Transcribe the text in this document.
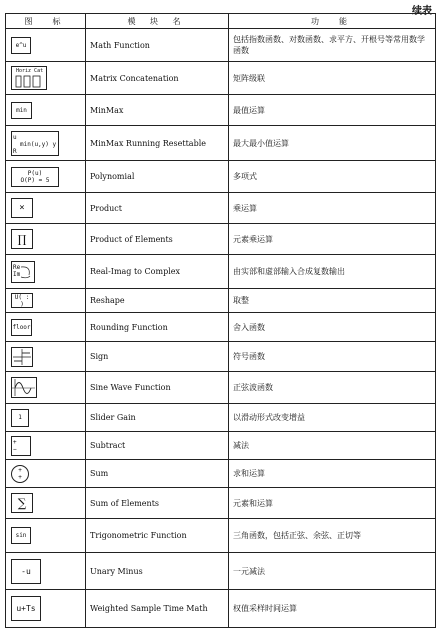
续表
图　标	模 块 名	功　能

e^u	Math Function	包括指数函数、对数函数、求平方、开根号等常用数学函数

Horiz Cat	Matrix Concatenation	矩阵级联

min	MinMax	最值运算

u
min(u,y) y
R	MinMax Running Resettable	最大最小值运算

P(u) O(P) = 5	Polynomial	多项式

×	Product	乘运算

∏	Product of Elements	元素乘运算

Re Im	Real-Imag to Complex	由实部和虚部输入合成复数输出

U( : )	Reshape	取整

floor	Rounding Function	舍入函数

	Sign	符号函数

	Sine Wave Function	正弦波函数

1	Slider Gain	以滑动形式改变增益

+ −	Subtract	减法

+ +	Sum	求和运算

∑	Sum of Elements	元素和运算

sin	Trigonometric Function	三角函数，包括正弦、余弦、正切等

-u	Unary Minus	一元减法

u+Ts	Weighted Sample Time Math	权值采样时间运算
